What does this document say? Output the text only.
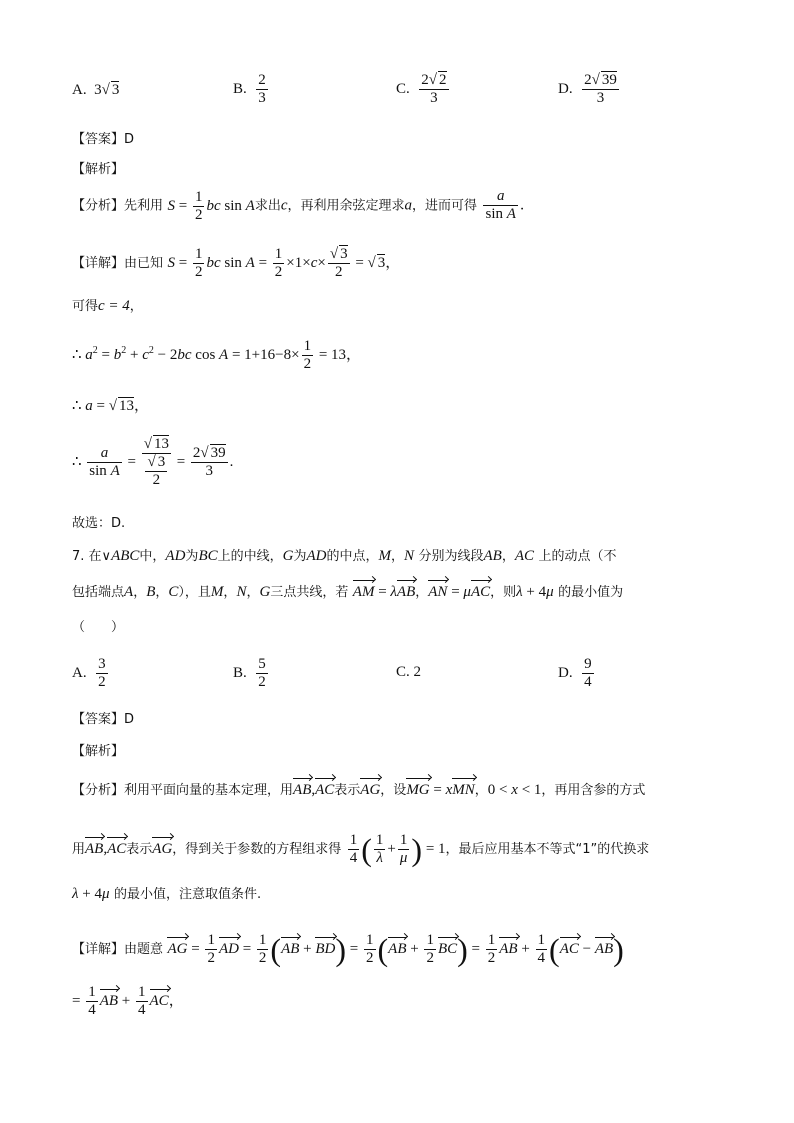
A. 3√ 3	B. $\frac{2}{3}$	C. $\frac{2√ 2}{3}$	D. $\frac{2√ 39}{3}$
【答案】D
【解析】
【分析】先利用 $S = \frac{1}{2}$ bc sin A求出c，再利用余弦定理求a，进而可得 $\frac{a}{\text{sin A}}$ .
【详解】由已知 $S = \frac{1}{2}$ bc $\sin A = \frac{1}{2} \times 1\times c\times \frac{√ 3}{2}$ = √ 3，
可得c = 4，
∴ $a^2 = b^2 + c^2 - 2bc$ $\cos A = 1+16-8\times \frac{1}{2} = 13$，
∴ a = √ 13，
∴ $\frac{a}{\text{sin A}} = \frac{√ 13}{\frac{√ 3}{2}} = \frac{2√ 39}{3}$ .
故选：D.
7. 在∨ABC中，AD为BC上的中线，G为AD的中点，M，N 分别为线段AB，AC 上的动点（不
包括端点A，B，C），且M，N，G三点共线，若 AM = λAB，AN = μAC，则λ + 4μ 的最小值为
（　　）
A. $\frac{3}{2}$	B. $\frac{5}{2}$	C. 2	D. $\frac{9}{4}$
【答案】D
【解析】
【分析】利用平面向量的基本定理，用AB,AC表示AG，设MG = xMN，0 < x < 1，再用含参的方式
用AB,AC表示AG，得到关于参数的方程组求得 $\frac{1}{4}$ ( $\frac{1}{\lambda} + \frac{1}{\mu}$ ) = 1，最后应用基本不等式“1”的代换求
λ + 4μ 的最小值，注意取值条件.
【详解】由题意 AG = $\frac{1}{2}$ AD = $\frac{1}{2} (AB + BD) = \frac{1}{2} (AB + \frac{1}{2} BC) = \frac{1}{2}$ AB + $\frac{1}{4} (AC - AB)$
= $\frac{1}{4}$ AB + $\frac{1}{4}$ AC，
